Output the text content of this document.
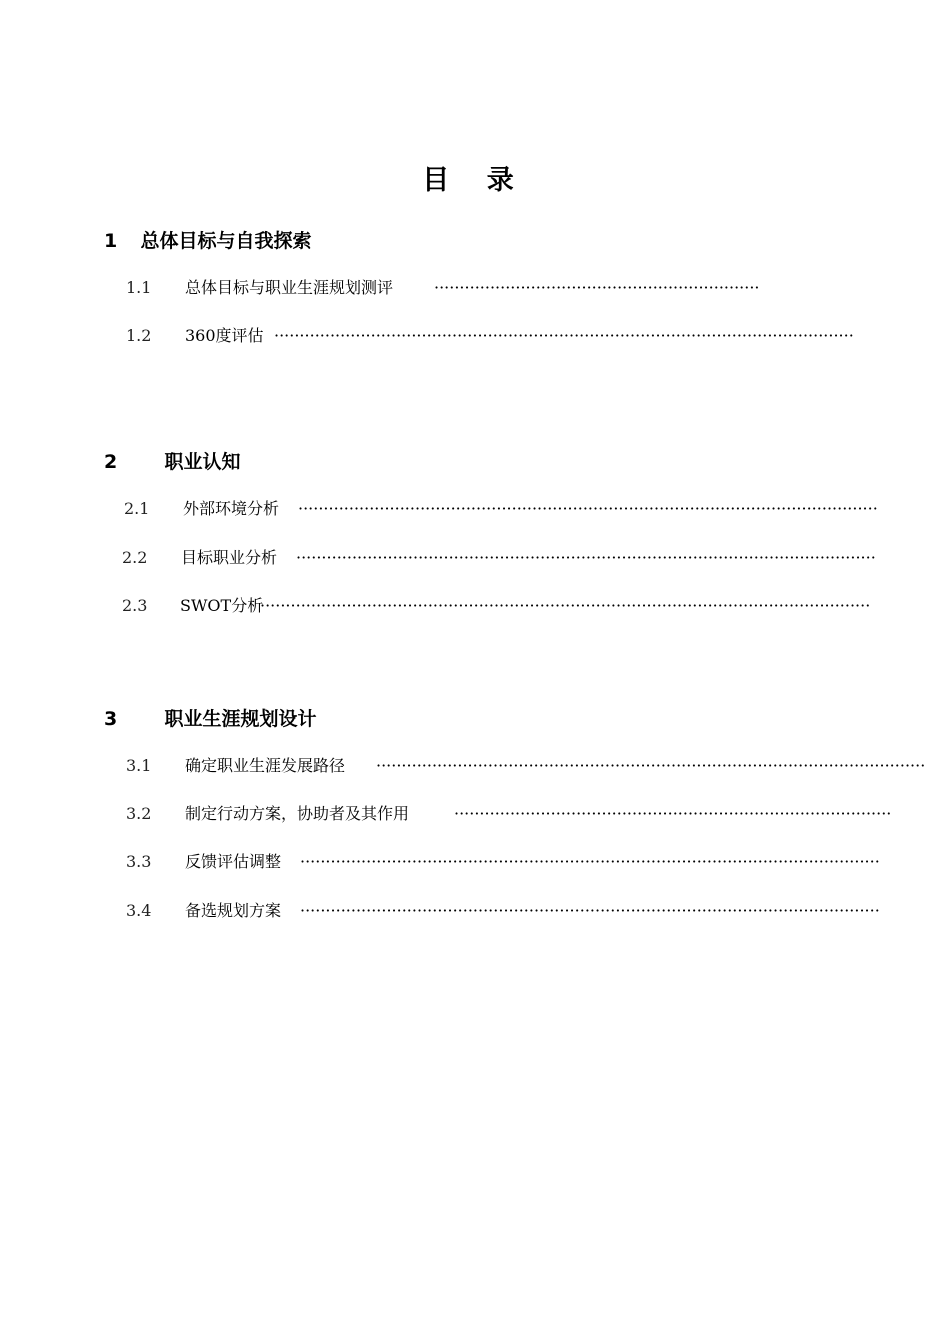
目 录
1 总体目标与自我探索
1.1 总体目标与职业生涯规划测评	································································
1.2 360度评估 ··················································································································
2 职业认知
2.1 外部环境分析 ··················································································································
2.2 目标职业分析 ··················································································································
2.3 SWOT分析
························································································································
3 职业生涯规划设计
3.1 确定职业生涯发展路径 ············································································································
3.2 制定行动方案，协助者及其作用	······················································································
3.3 反馈评估调整 ··················································································································
3.4 备选规划方案 ··················································································································
